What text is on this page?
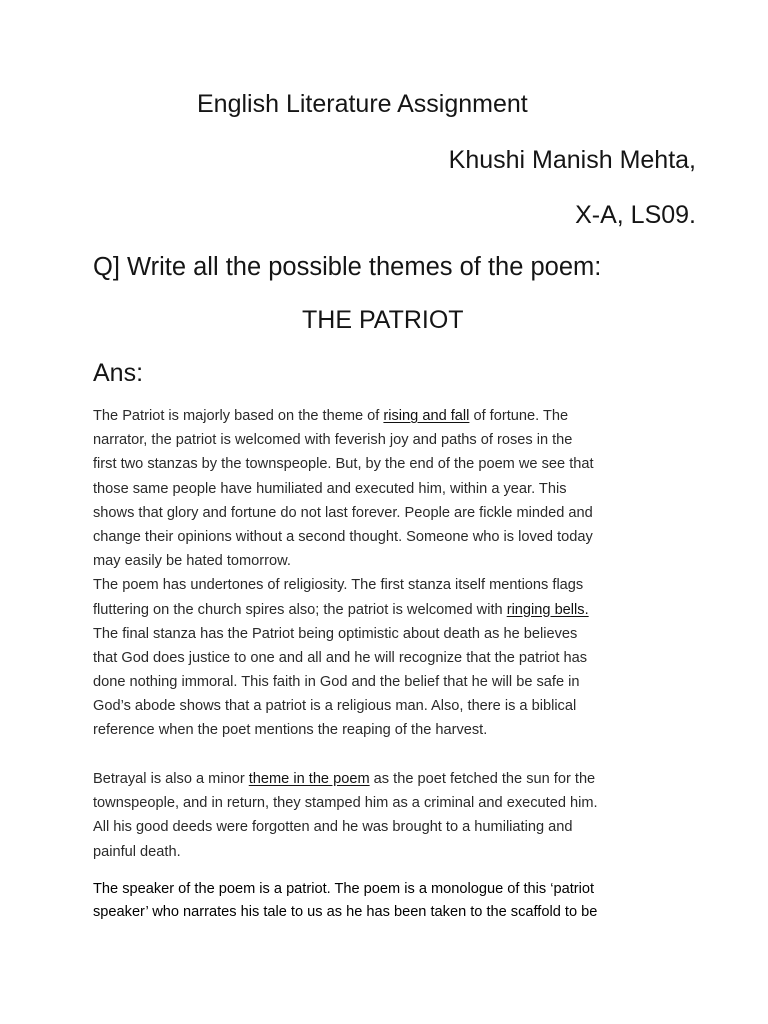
English Literature Assignment
Khushi Manish Mehta,
X-A, LS09.
Q] Write all the possible themes of the poem:
THE PATRIOT
Ans:
The Patriot is majorly based on the theme of rising and fall of fortune. The
narrator, the patriot is welcomed with feverish joy and paths of roses in the
first two stanzas by the townspeople. But, by the end of the poem we see that
those same people have humiliated and executed him, within a year. This
shows that glory and fortune do not last forever. People are fickle minded and
change their opinions without a second thought. Someone who is loved today
may easily be hated tomorrow.
The poem has undertones of religiosity. The first stanza itself mentions flags
fluttering on the church spires also; the patriot is welcomed with ringing bells.
The final stanza has the Patriot being optimistic about death as he believes
that God does justice to one and all and he will recognize that the patriot has
done nothing immoral. This faith in God and the belief that he will be safe in
God’s abode shows that a patriot is a religious man. Also, there is a biblical
reference when the poet mentions the reaping of the harvest.
Betrayal is also a minor theme in the poem as the poet fetched the sun for the
townspeople, and in return, they stamped him as a criminal and executed him.
All his good deeds were forgotten and he was brought to a humiliating and
painful death.
The speaker of the poem is a patriot. The poem is a monologue of this ‘patriot
speaker’ who narrates his tale to us as he has been taken to the scaffold to be
